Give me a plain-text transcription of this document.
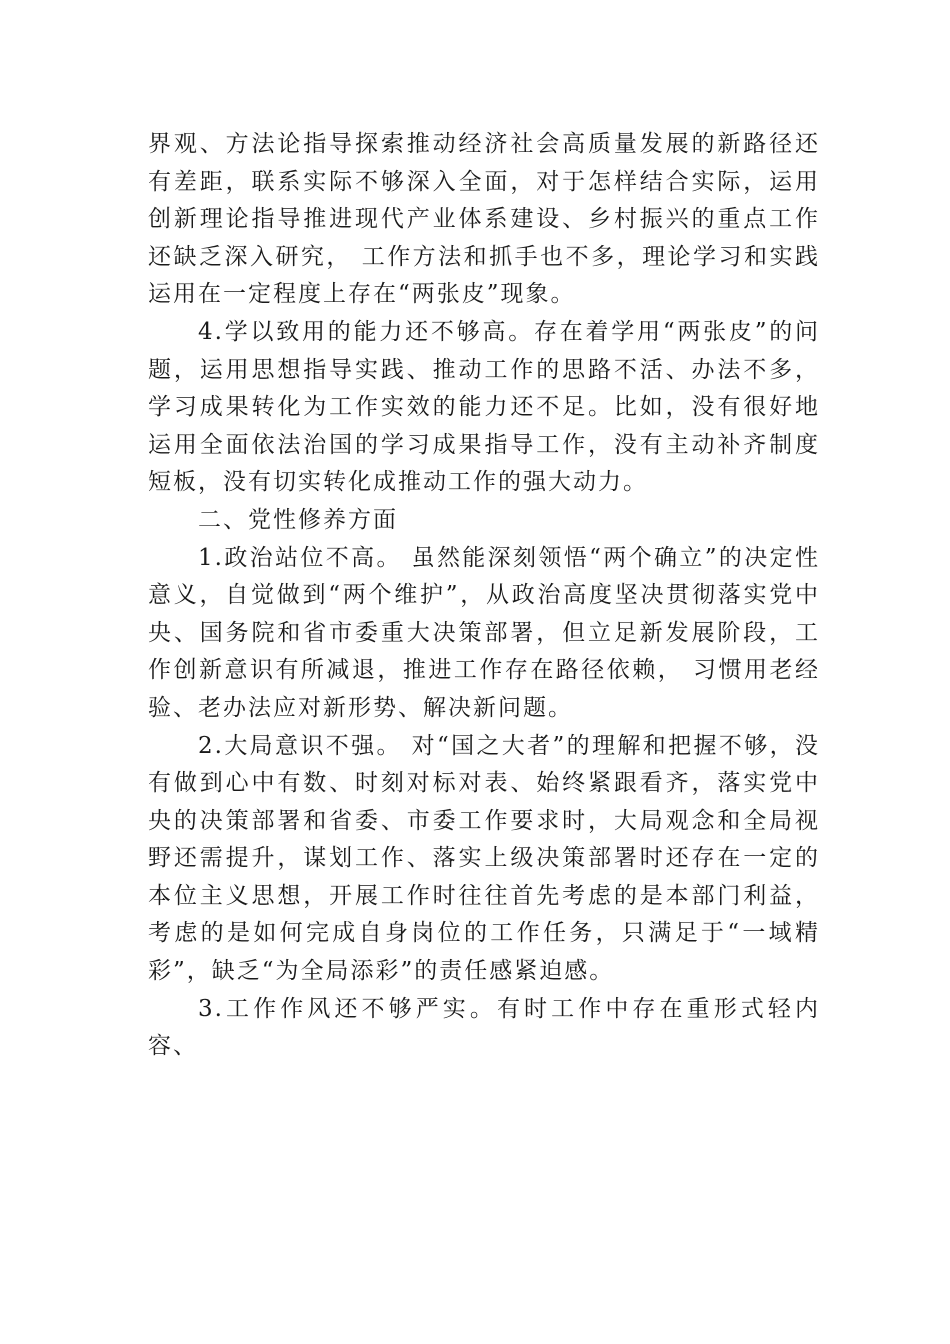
界观、方法论指导探索推动经济社会高质量发展的新路径还有差距，联系实际不够深入全面，对于怎样结合实际，运用创新理论指导推进现代产业体系建设、乡村振兴的重点工作还缺乏深入研究， 工作方法和抓手也不多，理论学习和实践 运用在一定程度上存在“两张皮”现象。

4.学以致用的能力还不够高。存在着学用“两张皮”的问题，运用思想指导实践、推动工作的思路不活、办法不多，学习成果转化为工作实效的能力还不足。比如，没有很好地运用全面依法治国的学习成果指导工作，没有主动补齐制度短板，没有切实转化成推动工作的强大动力。

二、党性修养方面

1.政治站位不高。 虽然能深刻领悟“两个确立”的决定性意义，自觉做到“两个维护”，从政治高度坚决贯彻落实党中央、国务院和省市委重大决策部署，但立足新发展阶段，工作创新意识有所减退，推进工作存在路径依赖， 习惯用老经验、老办法应对新形势、解决新问题。

2.大局意识不强。 对“国之大者”的理解和把握不够，没有做到心中有数、时刻对标对表、始终紧跟看齐，落实党中央的决策部署和省委、市委工作要求时，大局观念和全局视野还需提升，谋划工作、落实上级决策部署时还存在一定的本位主义思想，开展工作时往往首先考虑的是本部门利益，考虑的是如何完成自身岗位的工作任务，只满足于“一域精彩”，缺乏“为全局添彩”的责任感紧迫感。

3.工作作风还不够严实。有时工作中存在重形式轻内容、
